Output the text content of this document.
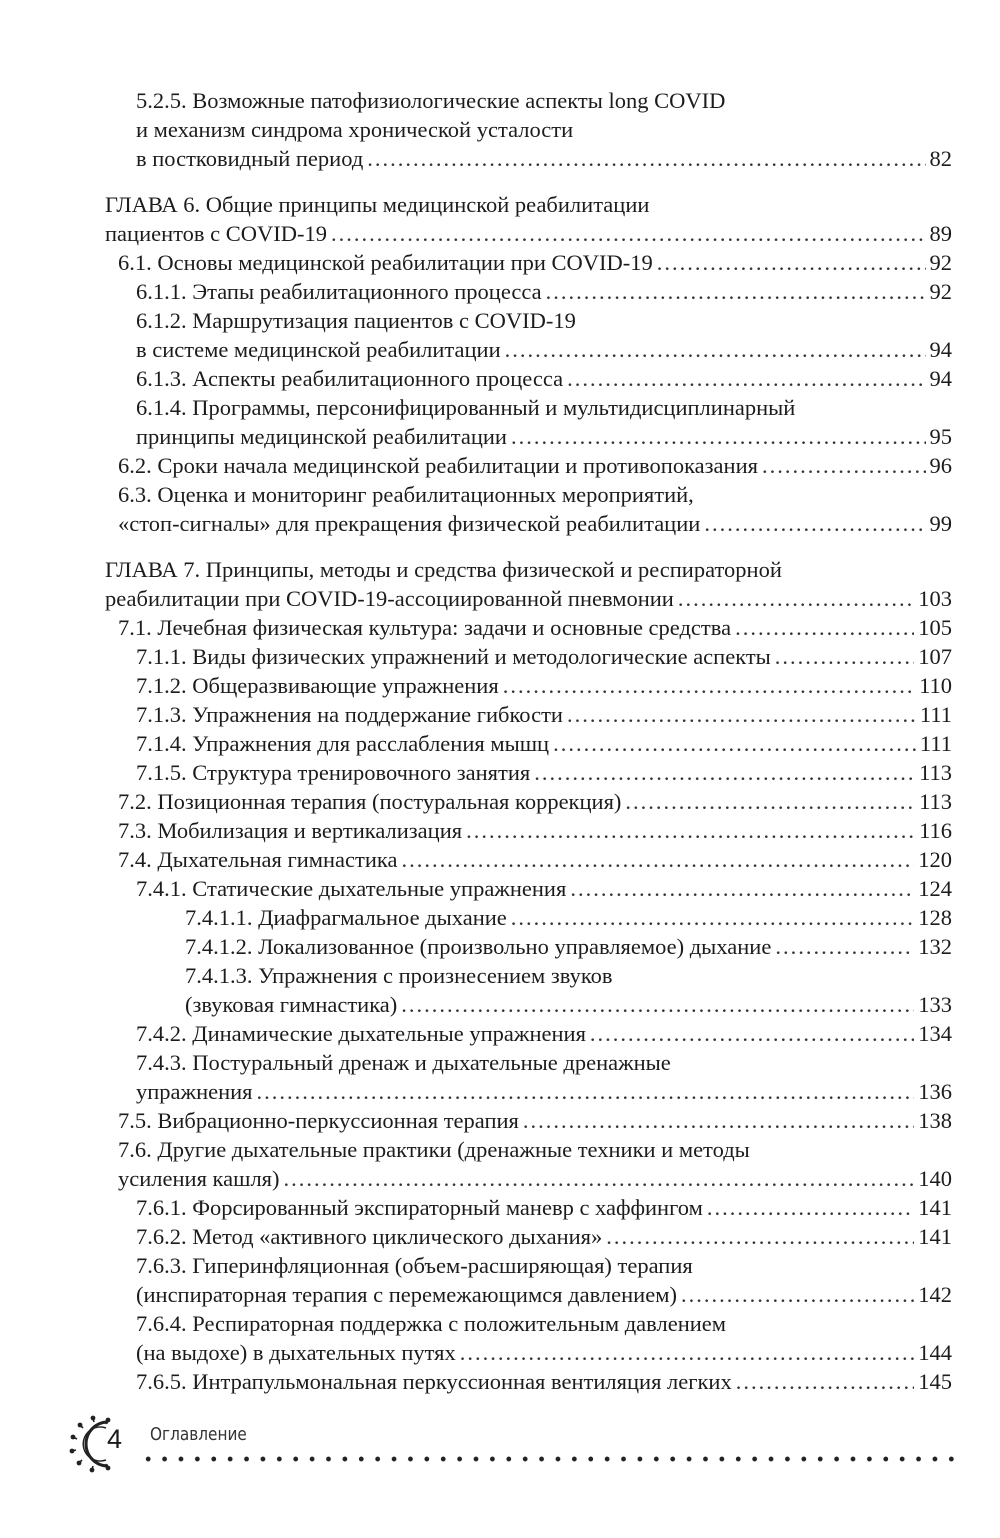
5.2.5. Возможные патофизиологические аспекты long COVID
и механизм синдрома хронической усталости
в постковидный период .....	82
ГЛАВА 6. Общие принципы медицинской реабилитации
пациентов с COVID-19 .....	89
6.1. Основы медицинской реабилитации при COVID-19 .....	92
6.1.1. Этапы реабилитационного процесса .....	92
6.1.2. Маршрутизация пациентов с COVID-19
в системе медицинской реабилитации .....	94
6.1.3. Аспекты реабилитационного процесса .....	94
6.1.4. Программы, персонифицированный и мультидисциплинарный
принципы медицинской реабилитации .....	95
6.2. Сроки начала медицинской реабилитации и противопоказания .....	96
6.3. Оценка и мониторинг реабилитационных мероприятий,
«стоп-сигналы» для прекращения физической реабилитации .....	99
ГЛАВА 7. Принципы, методы и средства физической и респираторной
реабилитации при COVID-19-ассоциированной пневмонии .....	103
7.1. Лечебная физическая культура: задачи и основные средства .....	105
7.1.1. Виды физических упражнений и методологические аспекты .....	107
7.1.2. Общеразвивающие упражнения .....	110
7.1.3. Упражнения на поддержание гибкости .....	111
7.1.4. Упражнения для расслабления мышц .....	111
7.1.5. Структура тренировочного занятия .....	113
7.2. Позиционная терапия (постуральная коррекция) .....	113
7.3. Мобилизация и вертикализация .....	116
7.4. Дыхательная гимнастика .....	120
7.4.1. Статические дыхательные упражнения .....	124
7.4.1.1. Диафрагмальное дыхание .....	128
7.4.1.2. Локализованное (произвольно управляемое) дыхание .....	132
7.4.1.3. Упражнения с произнесением звуков
(звуковая гимнастика) .....	133
7.4.2. Динамические дыхательные упражнения .....	134
7.4.3. Постуральный дренаж и дыхательные дренажные
упражнения .....	136
7.5. Вибрационно-перкуссионная терапия .....	138
7.6. Другие дыхательные практики (дренажные техники и методы
усиления кашля) .....	140
7.6.1. Форсированный экспираторный маневр с хаффингом .....	141
7.6.2. Метод «активного циклического дыхания» .....	141
7.6.3. Гиперинфляционная (объем-расширяющая) терапия
(инспираторная терапия с перемежающимся давлением) .....	142
7.6.4. Респираторная поддержка с положительным давлением
(на выдохе) в дыхательных путях .....	144
7.6.5. Интрапульмональная перкуссионная вентиляция легких .....	145
4 Оглавление
